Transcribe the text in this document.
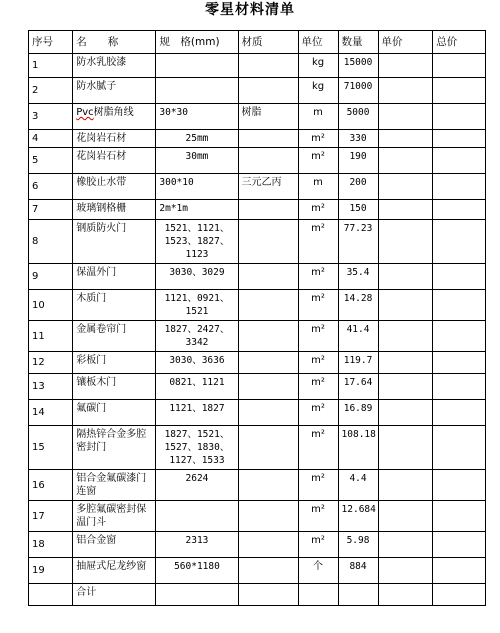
零星材料清单
序号	名　　称	规　格(mm)	材质	单位	数量	单价	总价
1	防水乳胶漆			kg	15000		
2	防水腻子			kg	71000		
3	Pvc树脂角线	30*30	树脂	m	5000		
4	花岗岩石材	25mm		m²	330		
5	花岗岩石材	30mm		m²	190		
6	橡胶止水带	300*10	三元乙丙	m	200		
7	玻璃钢格栅	2m*1m		m²	150		
8	钢质防火门	1521、1121、1523、1827、1123		m²	77.23		
9	保温外门	3030、3029		m²	35.4		
10	木质门	1121、0921、1521		m²	14.28		
11	金属卷帘门	1827、2427、3342		m²	41.4		
12	彩板门	3030、3636		m²	119.7		
13	镶板木门	0821、1121		m²	17.64		
14	氟碳门	1121、1827		m²	16.89		
15	隔热锌合金多腔密封门	1827、1521、1527、1830、1127、1533		m²	108.18		
16	铝合金氟碳漆门连窗	2624		m²	4.4		
17	多腔氟碳密封保温门斗			m²	12.684		
18	铝合金窗	2313		m²	5.98		
19	抽屉式尼龙纱窗	560*1180		个	884		
	合计						
